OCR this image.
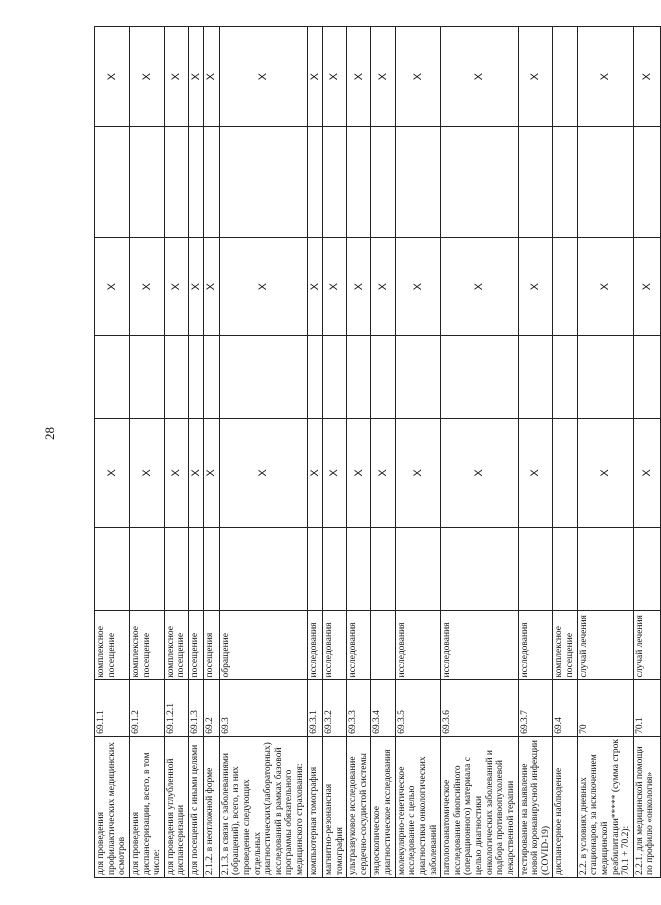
28
для проведения профилактических медицинских осмотров	69.1.1	комплексное посещение		X		X		X
для проведения диспансеризации, всего, в том числе:	69.1.2	комплексное посещение		X		X		X
для проведения углубленной диспансеризации	69.1.2.1	комплексное посещение		X		X		X
для посещений с иными целями	69.1.3	посещение		X		X		X
2.1.2. в неотложной форме	69.2	посещения		X		X		X
2.1.3. в связи с заболеваниями (обращений), всего, из них проведение следующих отдельных диагностических(лабораторных) исследований в рамках базовой программы обязательного медицинского страхования:	69.3	обращение		X		X		X
компьютерная томография	69.3.1	исследования		X		X		X
магнитно-резонансная томография	69.3.2	исследования		X		X		X
ультразвуковое исследование сердечно-сосудистой системы	69.3.3	исследования		X		X		X
эндоскопическое диагностическое исследования	69.3.4			X		X		X
молекулярно-генетическое исследование с целью диагностики онкологических заболеваний	69.3.5	исследования		X		X		X
патологоанатомическое исследование биопсийного (операционного) материала с целью диагностики онкологических заболеваний и подбора противоопухолевой лекарственной терапии	69.3.6	исследования		X		X		X
тестирование на выявление новой коронавирусной инфекции (COVID-19)	69.3.7	исследования		X		X		X
диспансерное наблюдение	69.4	комплексное посещение						
2.2. в условиях дневных стационаров, за исключением медицинской реабилитации***** (сумма строк 70.1 + 70.2):	70	случай лечения		X		X		X
2.2.1. для медицинской помощи по профилю «онкология»	70.1	случай лечения		X		X		X
